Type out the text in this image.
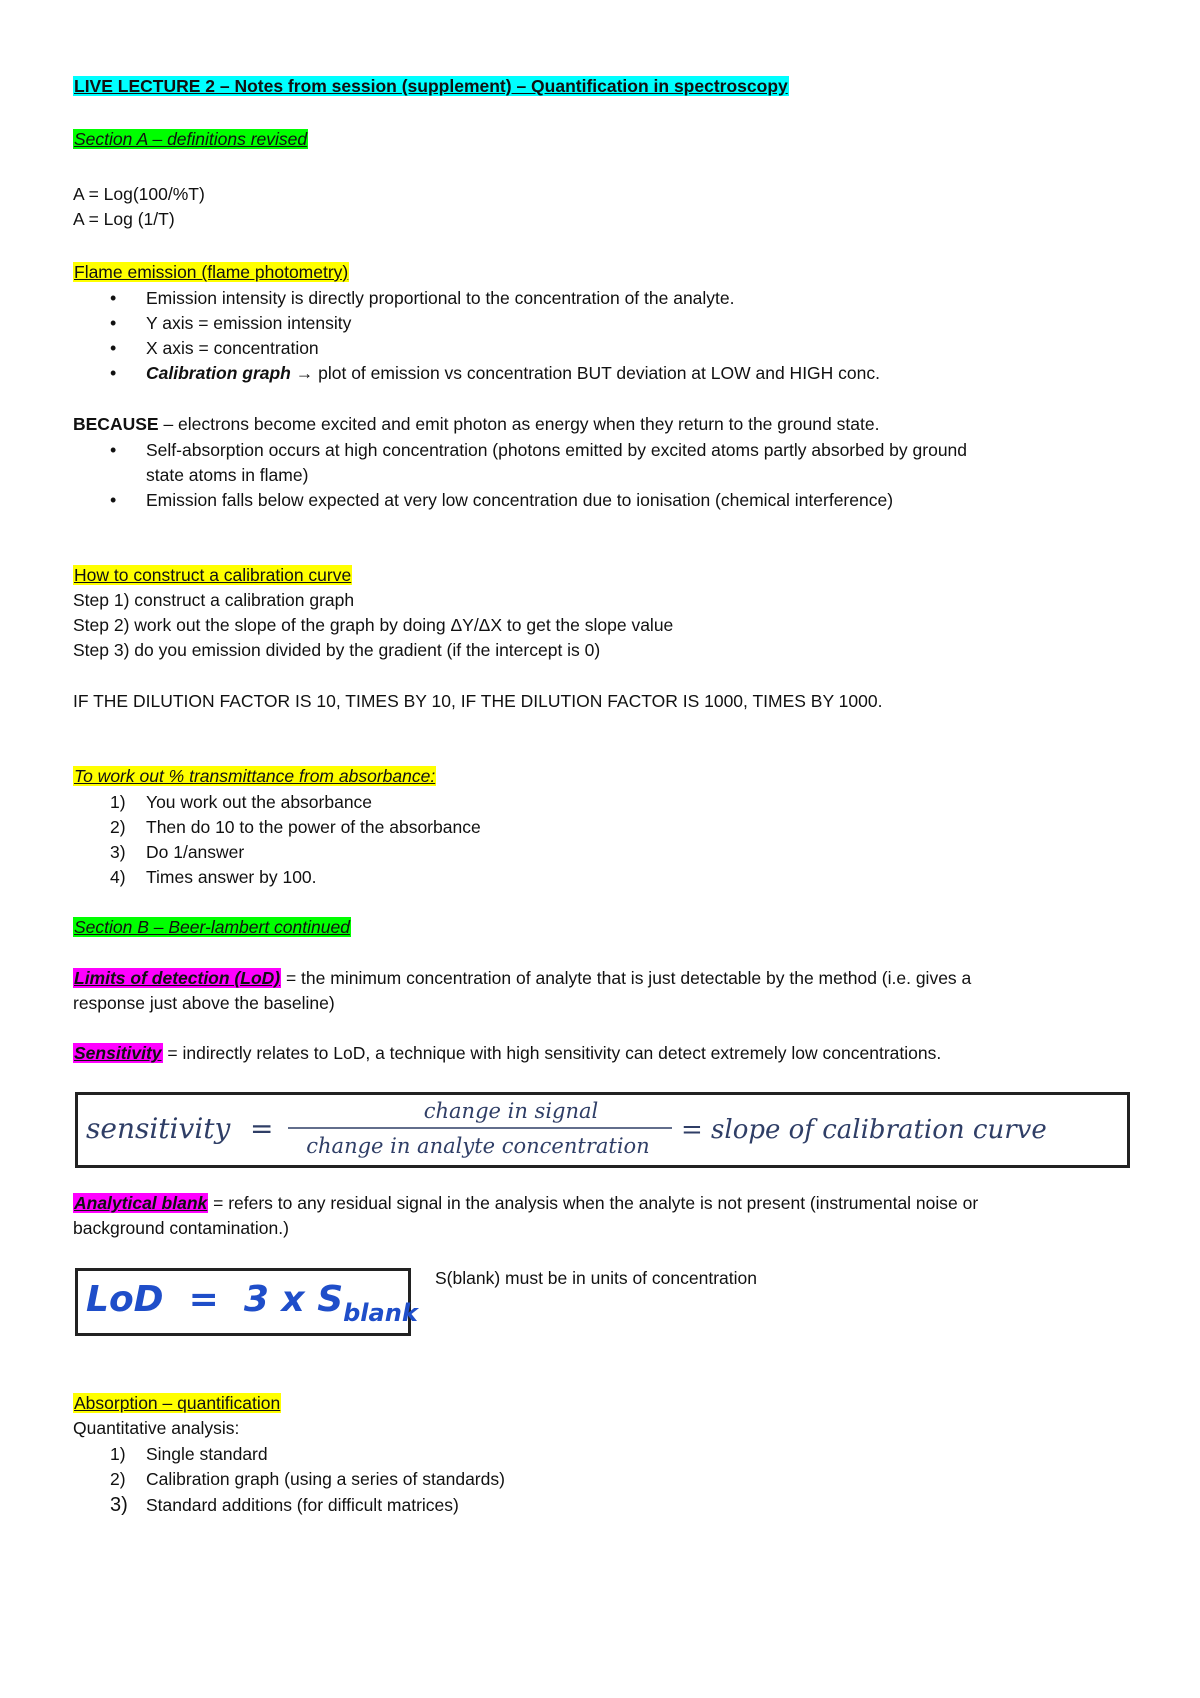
LIVE LECTURE 2 – Notes from session (supplement) – Quantification in spectroscopy
Section A – definitions revised
A = Log(100/%T)
A = Log (1/T)
Flame emission (flame photometry)
• Emission intensity is directly proportional to the concentration of the analyte.
• Y axis = emission intensity
• X axis = concentration
• Calibration graph → plot of emission vs concentration BUT deviation at LOW and HIGH conc.
BECAUSE – electrons become excited and emit photon as energy when they return to the ground state.
• Self-absorption occurs at high concentration (photons emitted by excited atoms partly absorbed by ground
state atoms in flame)
• Emission falls below expected at very low concentration due to ionisation (chemical interference)
How to construct a calibration curve
Step 1) construct a calibration graph
Step 2) work out the slope of the graph by doing ΔY/ΔX to get the slope value
Step 3) do you emission divided by the gradient (if the intercept is 0)
IF THE DILUTION FACTOR IS 10, TIMES BY 10, IF THE DILUTION FACTOR IS 1000, TIMES BY 1000.
To work out % transmittance from absorbance:
1) You work out the absorbance
2) Then do 10 to the power of the absorbance
3) Do 1/answer
4) Times answer by 100.
Section B – Beer-lambert continued
Limits of detection (LoD) = the minimum concentration of analyte that is just detectable by the method (i.e. gives a
response just above the baseline)
Sensitivity = indirectly relates to LoD, a technique with high sensitivity can detect extremely low concentrations.
sensitivity =
change in signal
change in analyte concentration
= slope of calibration curve
Analytical blank = refers to any residual signal in the analysis when the analyte is not present (instrumental noise or
background contamination.)
LoD  =  3 x $S_{blank}$
S(blank) must be in units of concentration
Absorption – quantification
Quantitative analysis:
1) Single standard
2) Calibration graph (using a series of standards)
3) Standard additions (for difficult matrices)
